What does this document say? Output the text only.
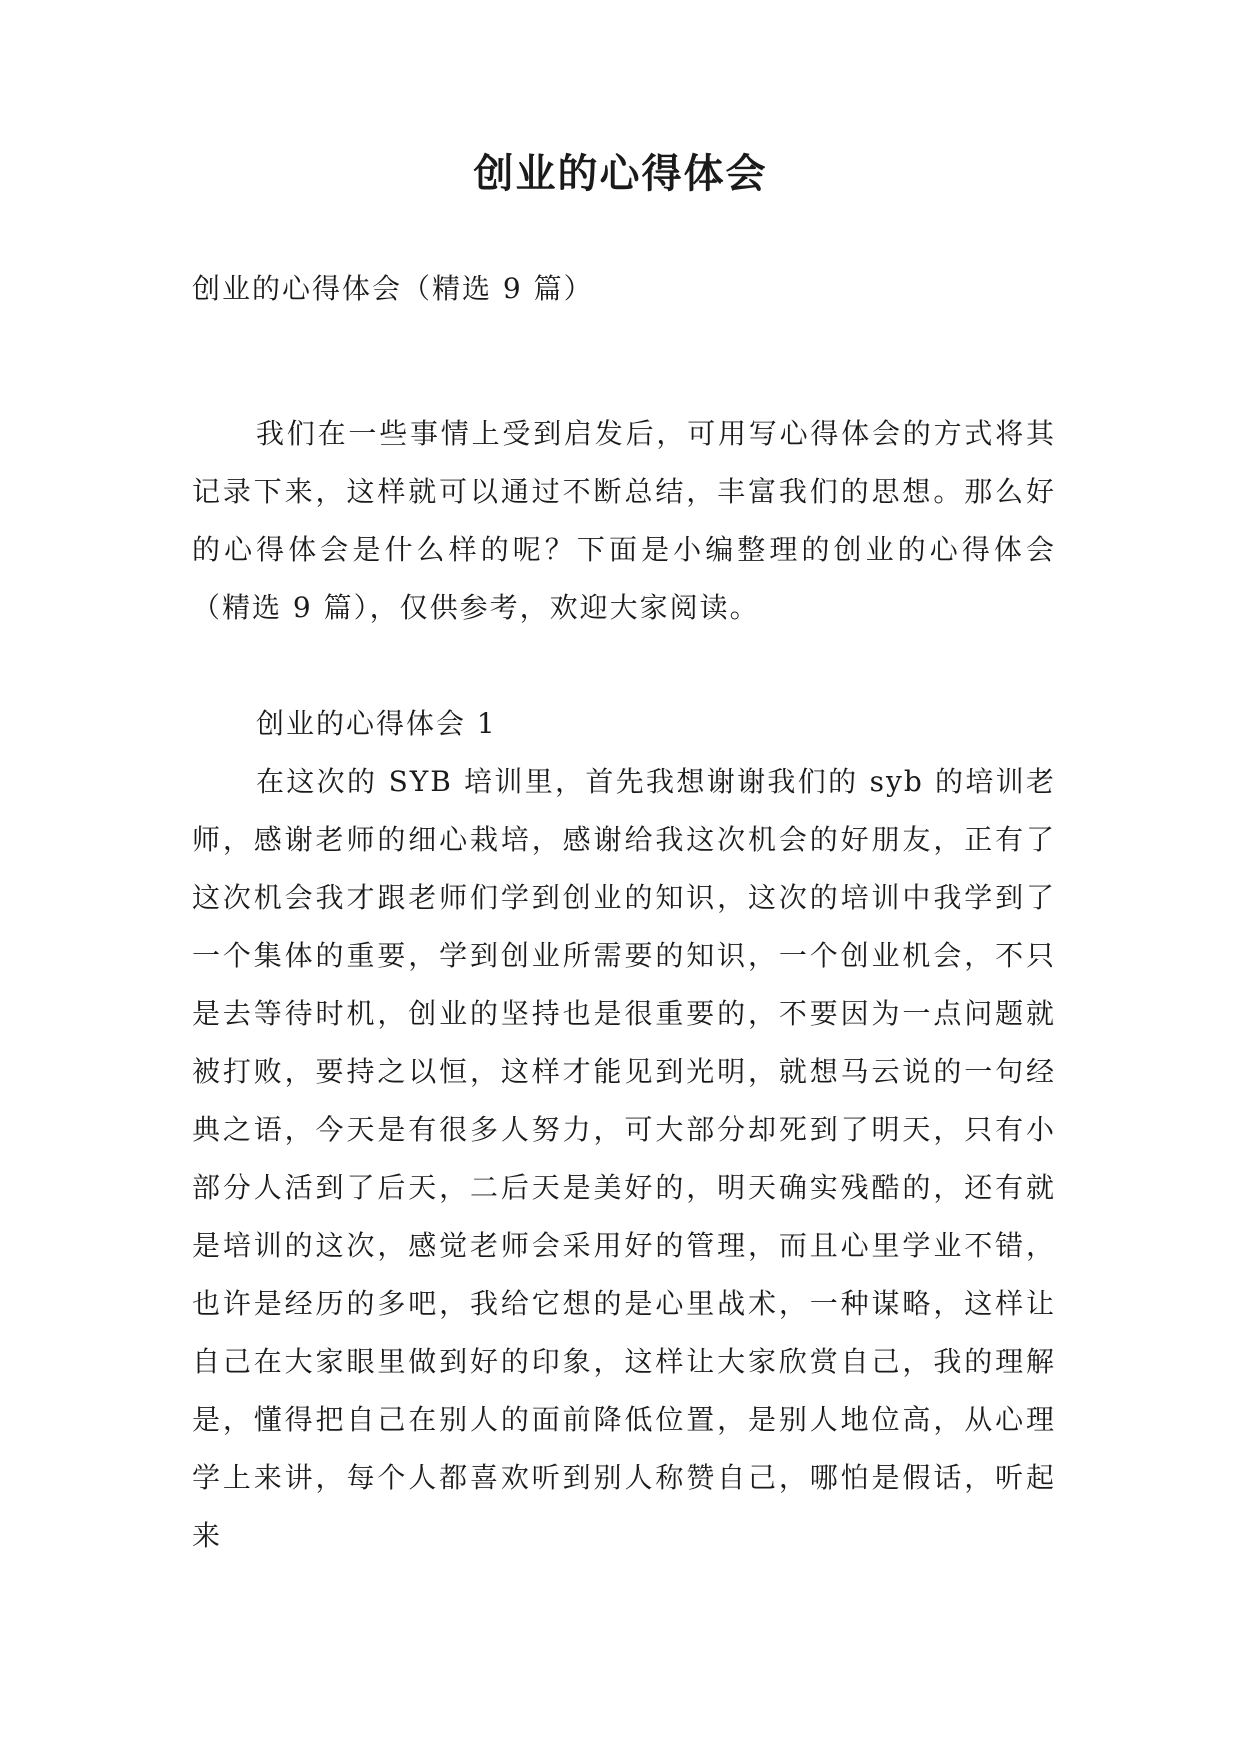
创业的心得体会

创业的心得体会（精选 9 篇）

我们在一些事情上受到启发后，可用写心得体会的方式将其记录下来，这样就可以通过不断总结，丰富我们的思想。那么好的心得体会是什么样的呢？下面是小编整理的创业的心得体会（精选 9 篇），仅供参考，欢迎大家阅读。

创业的心得体会 1

在这次的 SYB 培训里，首先我想谢谢我们的 syb 的培训老师，感谢老师的细心栽培，感谢给我这次机会的好朋友，正有了这次机会我才跟老师们学到创业的知识，这次的培训中我学到了一个集体的重要，学到创业所需要的知识，一个创业机会，不只是去等待时机，创业的坚持也是很重要的，不要因为一点问题就被打败，要持之以恒，这样才能见到光明，就想马云说的一句经典之语，今天是有很多人努力，可大部分却死到了明天，只有小部分人活到了后天，二后天是美好的，明天确实残酷的，还有就是培训的这次，感觉老师会采用好的管理，而且心里学业不错，也许是经历的多吧，我给它想的是心里战术，一种谋略，这样让自己在大家眼里做到好的印象，这样让大家欣赏自己，我的理解是，懂得把自己在别人的面前降低位置，是别人地位高，从心理学上来讲，每个人都喜欢听到别人称赞自己，哪怕是假话，听起来
